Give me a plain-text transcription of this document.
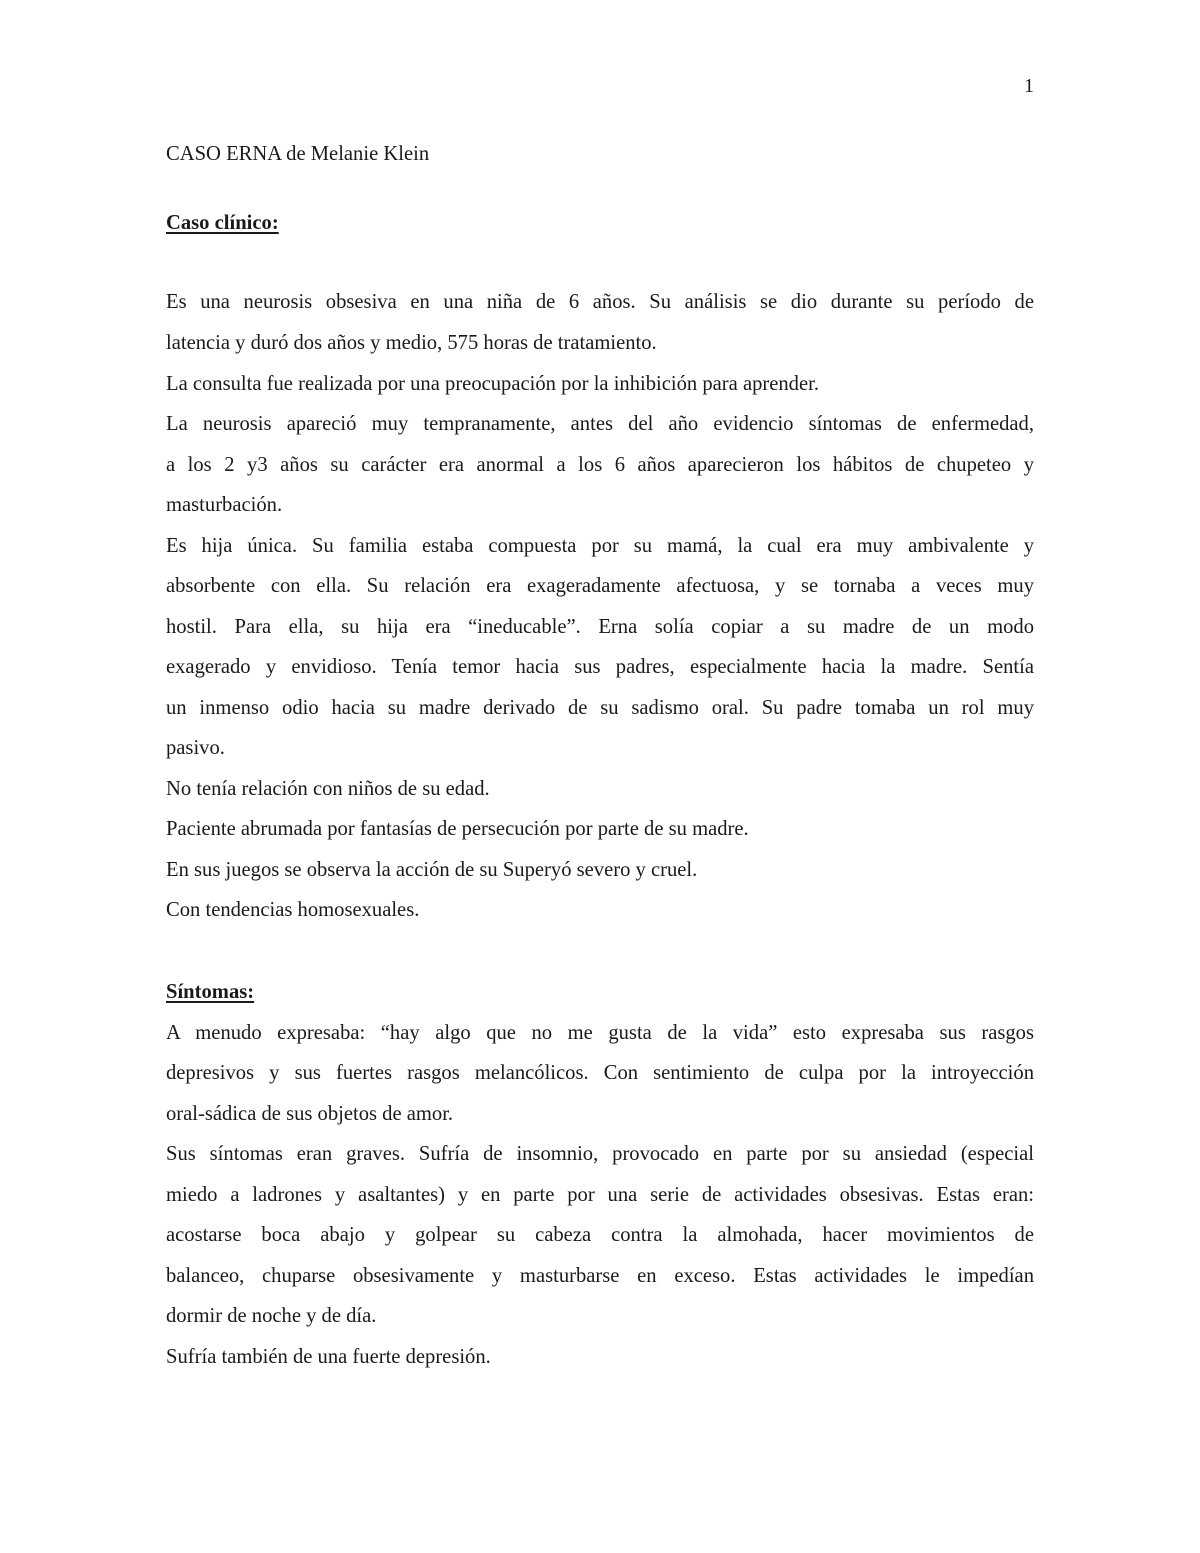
1
CASO ERNA de Melanie Klein
Caso clínico:
Es una neurosis obsesiva en una niña de 6 años. Su análisis se dio durante su período de
latencia y duró dos años y medio, 575 horas de tratamiento.
La consulta fue realizada por una preocupación por la inhibición para aprender.
La neurosis apareció muy tempranamente, antes del año evidencio síntomas de enfermedad,
a los 2 y3 años su carácter era anormal a los 6 años aparecieron los hábitos de chupeteo y
masturbación.
Es hija única. Su familia estaba compuesta por su mamá, la cual era muy ambivalente y
absorbente con ella. Su relación era exageradamente afectuosa, y se tornaba a veces muy
hostil. Para ella, su hija era “ineducable”. Erna solía copiar a su madre de un modo
exagerado y envidioso. Tenía temor hacia sus padres, especialmente hacia la madre. Sentía
un inmenso odio hacia su madre derivado de su sadismo oral. Su padre tomaba un rol muy
pasivo.
No tenía relación con niños de su edad.
Paciente abrumada por fantasías de persecución por parte de su madre.
En sus juegos se observa la acción de su Superyó severo y cruel.
Con tendencias homosexuales.
Síntomas:
A menudo expresaba: “hay algo que no me gusta de la vida” esto expresaba sus rasgos
depresivos y sus fuertes rasgos melancólicos. Con sentimiento de culpa por la introyección
oral-sádica de sus objetos de amor.
Sus síntomas eran graves. Sufría de insomnio, provocado en parte por su ansiedad (especial
miedo a ladrones y asaltantes) y en parte por una serie de actividades obsesivas. Estas eran:
acostarse boca abajo y golpear su cabeza contra la almohada, hacer movimientos de
balanceo, chuparse obsesivamente y masturbarse en exceso. Estas actividades le impedían
dormir de noche y de día.
Sufría también de una fuerte depresión.
